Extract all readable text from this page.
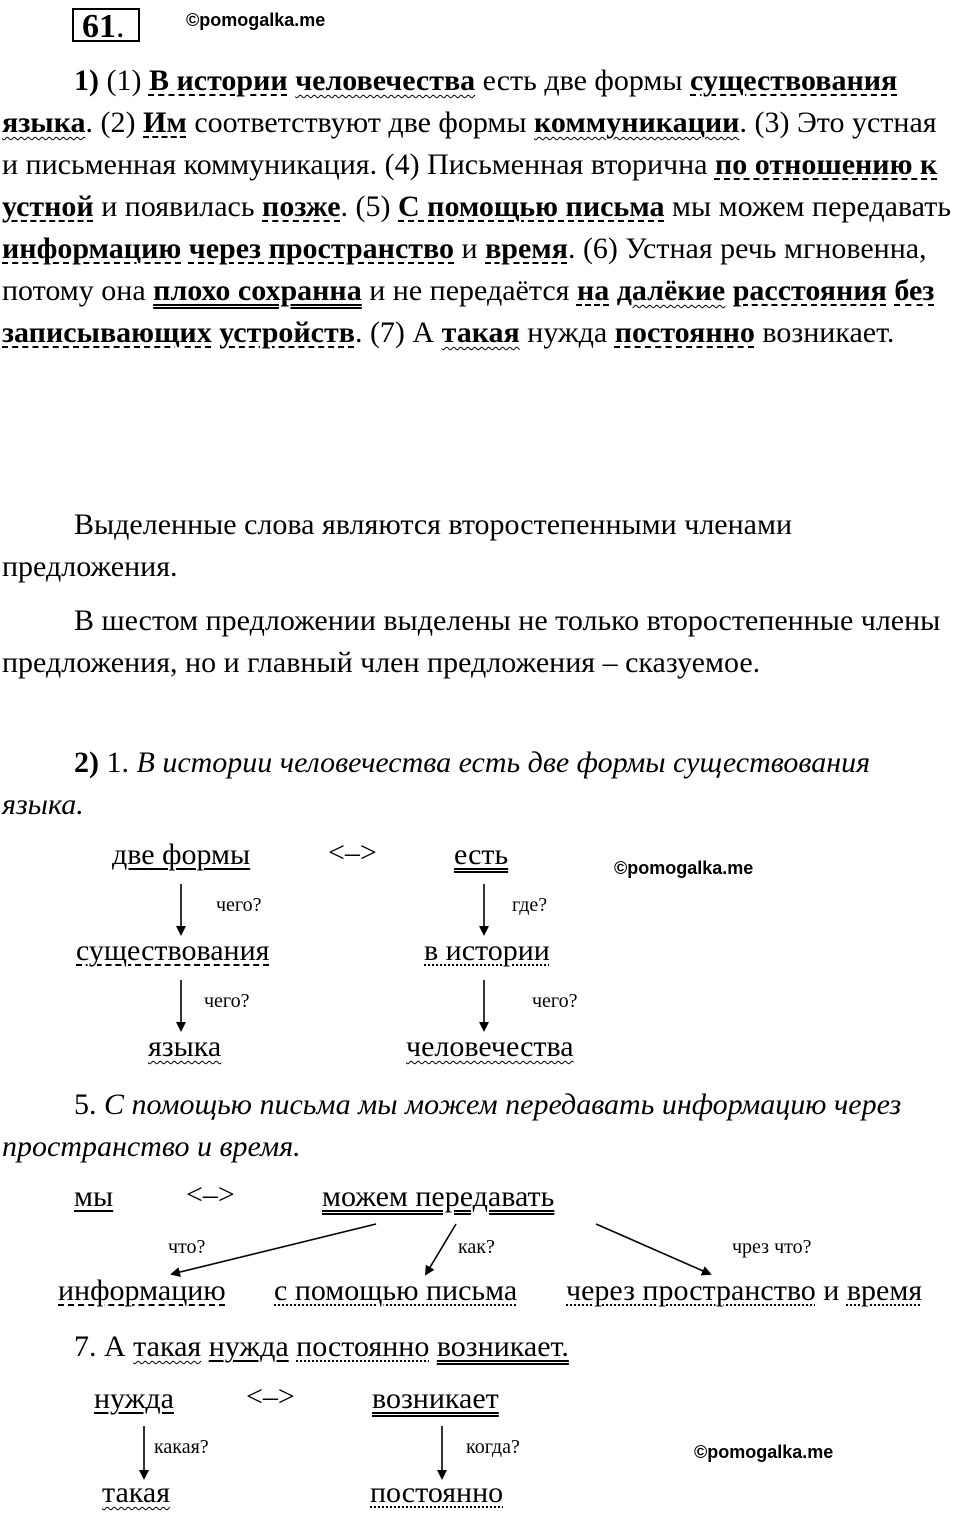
61.	©pomogalka.me
1) (1) В истории человечества есть две формы существования языка. (2) Им соответствуют две формы коммуникации. (3) Это устная и письменная коммуникация. (4) Письменная вторична по отношению к устной и появилась позже. (5) С помощью письма мы можем передавать информацию через пространство и время. (6) Устная речь мгновенна, потому она плохо сохранна и не передаётся на далёкие расстояния без записывающих устройств. (7) А такая нужда постоянно возникает.
Выделенные слова являются второстепенными членами предложения.
В шестом предложении выделены не только второстепенные члены предложения, но и главный член предложения – сказуемое.
2) 1. В истории человечества есть две формы существования языка.
две формы	<–>	есть	©pomogalka.me
чего?
существования
чего?
языка
где?
в истории
чего?
человечества
5. С помощью письма мы можем передавать информацию через пространство и время.
мы <–>	можем передавать
что?	как?	чрез что?
информацию с помощью письма через пространство и время
7. А такая нужда постоянно возникает.
нужда <–>	возникает
какая?	когда?	©pomogalka.me
такая	постоянно
